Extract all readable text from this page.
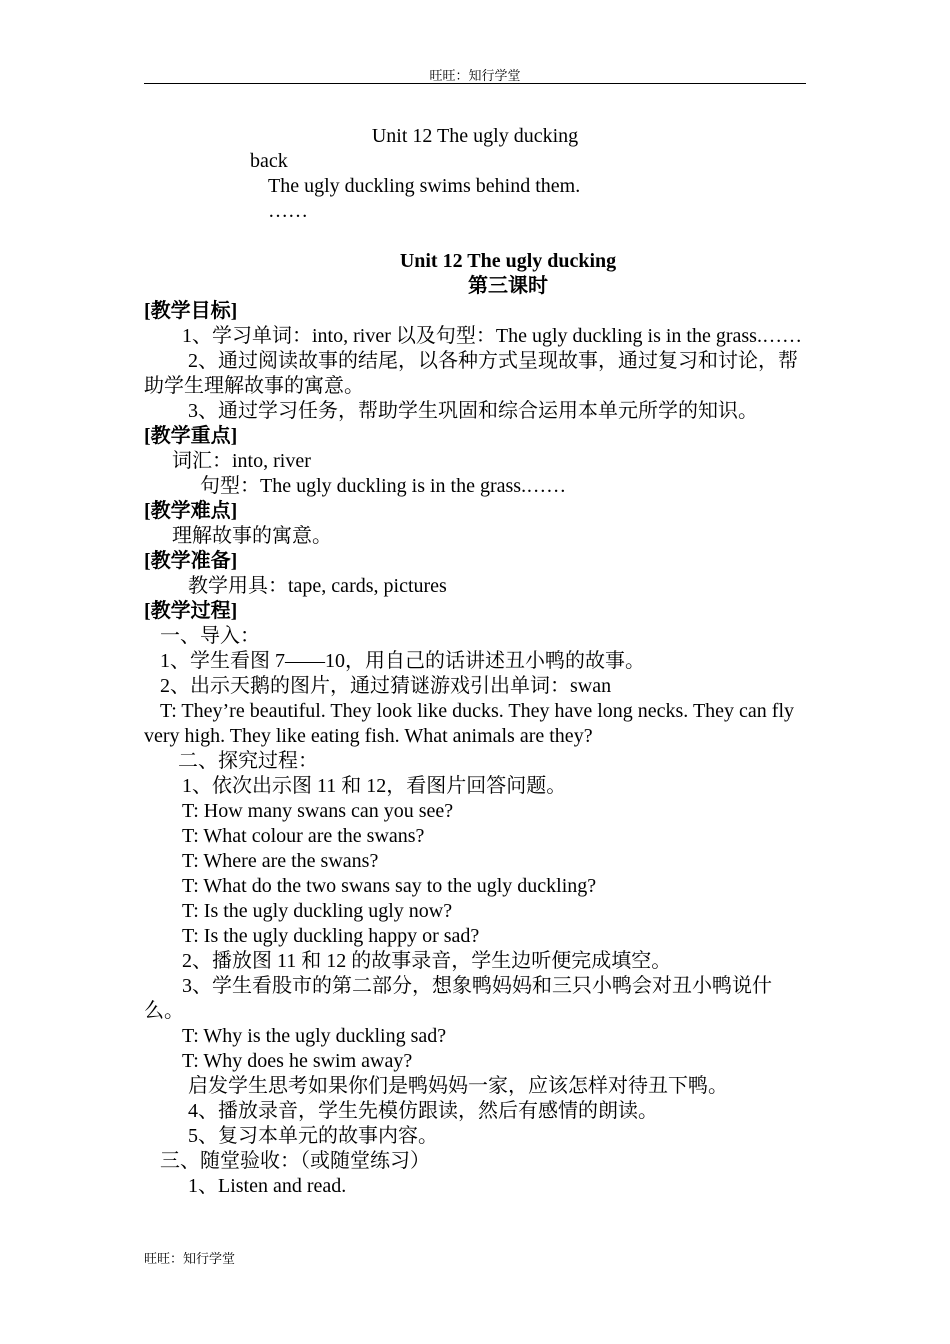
旺旺：知行学堂
Unit 12 The ugly ducking
back
The ugly duckling swims behind them.
……
Unit 12 The ugly ducking
第三课时
[教学目标]
1、学习单词：into, river 以及句型：The ugly duckling is in the grass.……
2、通过阅读故事的结尾，以各种方式呈现故事，通过复习和讨论，帮助学生理解故事的寓意。
3、通过学习任务，帮助学生巩固和综合运用本单元所学的知识。
[教学重点]
词汇：into, river
句型：The ugly duckling is in the grass.……
[教学难点]
理解故事的寓意。
[教学准备]
教学用具：tape, cards, pictures
[教学过程]
一、导入：
1、学生看图 7——10，用自己的话讲述丑小鸭的故事。
2、出示天鹅的图片，通过猜谜游戏引出单词：swan
T: They’re beautiful. They look like ducks. They have long necks. They can fly very high. They like eating fish. What animals are they?
二、探究过程：
1、依次出示图 11 和 12，看图片回答问题。
T: How many swans can you see?
T: What colour are the swans?
T: Where are the swans?
T: What do the two swans say to the ugly duckling?
T: Is the ugly duckling ugly now?
T: Is the ugly duckling happy or sad?
2、播放图 11 和 12 的故事录音，学生边听便完成填空。
3、学生看股市的第二部分，想象鸭妈妈和三只小鸭会对丑小鸭说什么。
T: Why is the ugly duckling sad?
T: Why does he swim away?
启发学生思考如果你们是鸭妈妈一家，应该怎样对待丑下鸭。
4、播放录音，学生先模仿跟读，然后有感情的朗读。
5、复习本单元的故事内容。
三、随堂验收：（或随堂练习）
1、Listen and read.
旺旺：知行学堂
